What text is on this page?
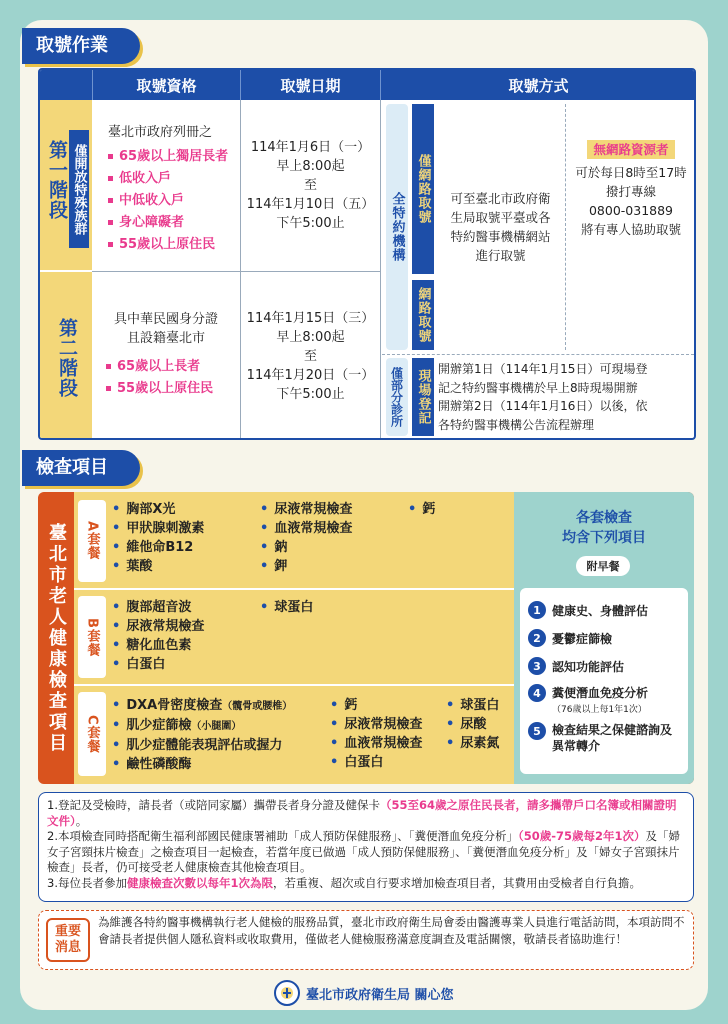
取號作業
取號資格	取號日期	取號方式
第一階段 僅開放特殊族群
第二階段
臺北市政府列冊之
65歲以上獨居長者
低收入戶
中低收入戶
身心障礙者
55歲以上原住民
114年1月6日（一）
早上8:00起
至
114年1月10日（五）
下午5:00止
具中華民國身分證
且設籍臺北市
65歲以上長者
55歲以上原住民
114年1月15日（三）
早上8:00起
至
114年1月20日（一）
下午5:00止
全特約機構
僅網路取號
網路取號
可至臺北市政府衛
生局取號平臺或各
特約醫事機構網站
進行取號
無網路資源者
可於每日8時至17時
撥打專線
0800-031889
將有專人協助取號
僅部分診所 現場登記 開辦第1日（114年1月15日）可現場登
記之特約醫事機構於早上8時現場開辦
開辦第2日（114年1月16日）以後，依
各特約醫事機構公告流程辦理
檢查項目
臺北市老人健康檢查項目 A套餐
• 胸部X光
• 甲狀腺刺激素
• 維他命B12
• 葉酸
• 尿液常規檢查
• 血液常規檢查
• 鈉
• 鉀
• 鈣
B套餐
• 腹部超音波
• 尿液常規檢查
• 糖化血色素
• 白蛋白
• 球蛋白
C套餐
• DXA骨密度檢查（髖骨或腰椎）
• 肌少症篩檢（小腿圍）
• 肌少症體能表現評估或握力
• 鹼性磷酸酶
• 鈣
• 尿液常規檢查
• 血液常規檢查
• 白蛋白
• 球蛋白
• 尿酸
• 尿素氮
各套檢查
均含下列項目
附早餐
1 健康史、身體評估
2 憂鬱症篩檢
3 認知功能評估
4 糞便潛血免疫分析
（76歲以上每1年1次）
5 檢查結果之保健諮詢及異常轉介
1.登記及受檢時，請長者（或陪同家屬）攜帶長者身分證及健保卡（55至64歲之原住民長者，請多攜帶戶口名簿或相關證明文件）。
2.本項檢查同時搭配衛生福利部國民健康署補助「成人預防保健服務」、「糞便潛血免疫分析」（50歲-75歲每2年1次）及「婦女子宮頸抹片檢查」之檢查項目一起檢查，若當年度已做過「成人預防保健服務」、「糞便潛血免疫分析」及「婦女子宮頸抹片檢查」長者，仍可接受老人健康檢查其他檢查項目。
3.每位長者參加健康檢查次數以每年1次為限，若重複、超次或自行要求增加檢查項目者，其費用由受檢者自行負擔。
重要消息
為維護各特約醫事機構執行老人健檢的服務品質，臺北市政府衛生局會委由醫護專業人員進行電話訪問，本項訪問不會請長者提供個人隱私資料或收取費用，僅做老人健檢服務滿意度調查及電話關懷，敬請長者協助進行！
臺北市政府衛生局 關心您
